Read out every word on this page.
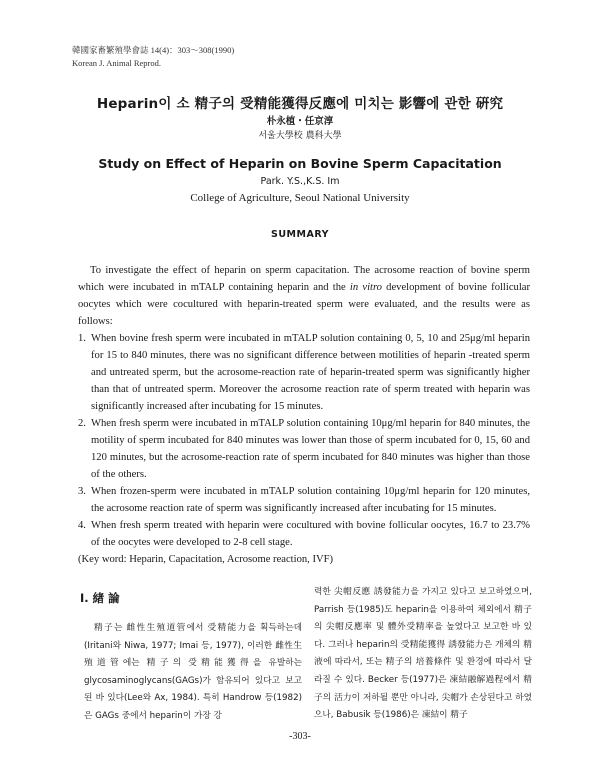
韓國家畜繁殖學會誌 14(4)：303〜308(1990)
Korean J. Animal Reprod.
Heparin이 소 精子의 受精能獲得反應에 미치는 影響에 관한 硏究
朴永植・任京淳
서울大學校 農科大學
Study on Effect of Heparin on Bovine Sperm Capacitation
Park. Y.S.,K.S. Im
College of Agriculture, Seoul National University
SUMMARY

To investigate the effect of heparin on sperm capacitation. The acrosome reaction of bovine sperm which were incubated in mTALP containing heparin and the in vitro development of bovine follicular oocytes which were cocultured with heparin-treated sperm were evaluated, and the results were as follows:

1. When bovine fresh sperm were incubated in mTALP solution containing 0, 5, 10 and 25μg/ml heparin for 15 to 840 minutes, there was no significant difference between motilities of heparin -treated sperm and untreated sperm, but the acrosome-reaction rate of heparin-treated sperm was significantly higher than that of untreated sperm. Moreover the acrosome reaction rate of sperm treated with heparin was significantly increased after incubating for 15 minutes.
2. When fresh sperm were incubated in mTALP solution containing 10μg/ml heparin for 840 minutes, the motility of sperm incubated for 840 minutes was lower than those of sperm incubated for 0, 15, 60 and 120 minutes, but the acrosome-reaction rate of sperm incubated for 840 minutes was higher than those of the others.
3. When frozen-sperm were incubated in mTALP solution containing 10μg/ml heparin for 120 minutes, the acrosome reaction rate of sperm was significantly increased after incubating for 15 minutes.
4. When fresh sperm treated with heparin were cocultured with bovine follicular oocytes, 16.7 to 23.7% of the oocytes were developed to 2-8 cell stage.

(Key word: Heparin, Capacitation, Acrosome reaction, IVF)

I. 緖 論

精子는 雌性生殖道管에서 受精能力을 획득하는데 (Iritani와 Niwa, 1977; Imai 등, 1977), 이러한 雌性生殖道管에는 精子의 受精能獲得을 유발하는 glycosaminoglycans(GAGs)가 함유되어 있다고 보고된 바 있다(Lee와 Ax, 1984). 특히 Handrow 등(1982)은 GAGs 중에서 heparin이 가장 강

력한 尖帽反應 誘發能力을 가지고 있다고 보고하였으며, Parrish 등(1985)도 heparin을 이용하여 체외에서 精子의 尖帽反應率 및 體外受精率을 높였다고 보고한 바 있다. 그러나 heparin의 受精能獲得 誘發能力은 개체의 精液에 따라서, 또는 精子의 培養條件 및 환경에 따라서 달라질 수 있다. Becker 등(1977)은 凍結融解過程에서 精子의 活力이 저하될 뿐만 아니라, 尖帽가 손상된다고 하였으나, Babusik 등(1986)은 凍結이 精子

-303-
